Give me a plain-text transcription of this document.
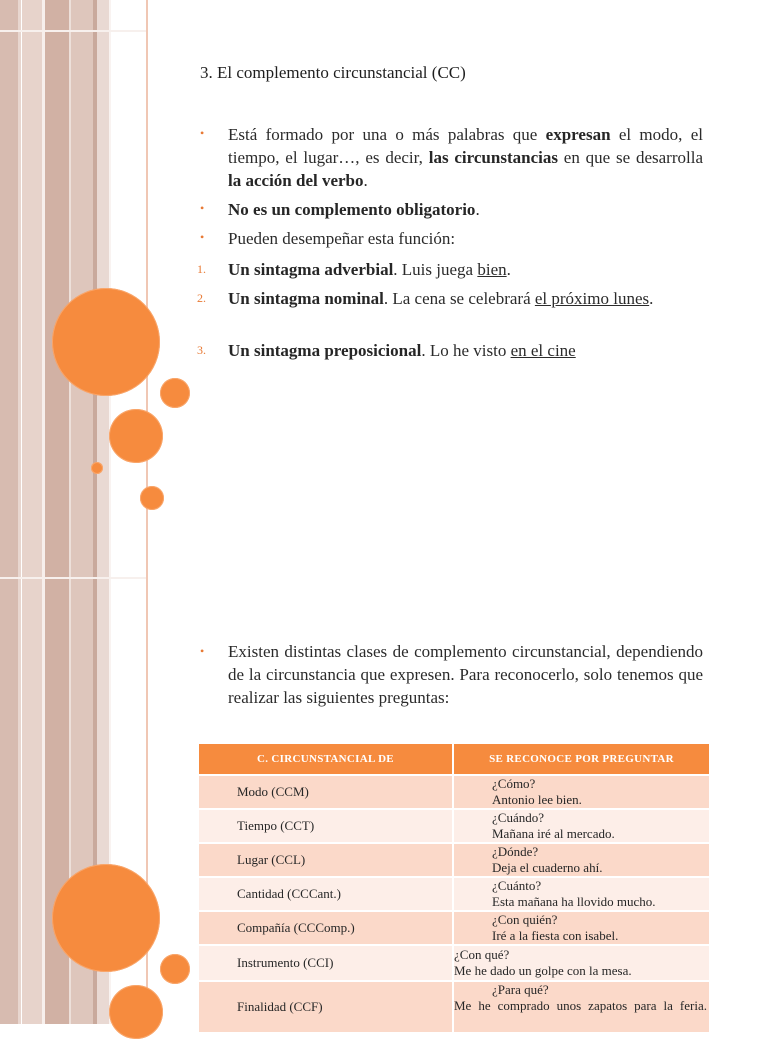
3. El complemento circunstancial (CC)
• Está formado por una o más palabras que expresan el modo, el tiempo, el lugar…, es decir, las circunstancias en que se desarrolla la acción del verbo.
• No es un complemento obligatorio.
• Pueden desempeñar esta función:
1. Un sintagma adverbial. Luis juega bien.
2. Un sintagma nominal. La cena se celebrará el próximo lunes.
3. Un sintagma preposicional. Lo he visto en el cine
• Existen distintas clases de complemento circunstancial, dependiendo de la circunstancia que expresen. Para reconocerlo, solo tenemos que realizar las siguientes preguntas:
C. CIRCUNSTANCIAL DE	SE RECONOCE POR PREGUNTAR
Modo (CCM)	¿Cómo?
Antonio lee bien.

Tiempo (CCT)	¿Cuándo?
Mañana iré al mercado.

Lugar (CCL)	¿Dónde?
Deja el cuaderno ahí.

Cantidad (CCCant.)	¿Cuánto?
Esta mañana ha llovido mucho.

Compañía (CCComp.)	¿Con quién?
Iré a la fiesta con isabel.

Instrumento (CCI)	¿Con qué?
Me he dado un golpe con la mesa.

Finalidad (CCF)	¿Para qué?
Me he comprado unos zapatos para la feria.
